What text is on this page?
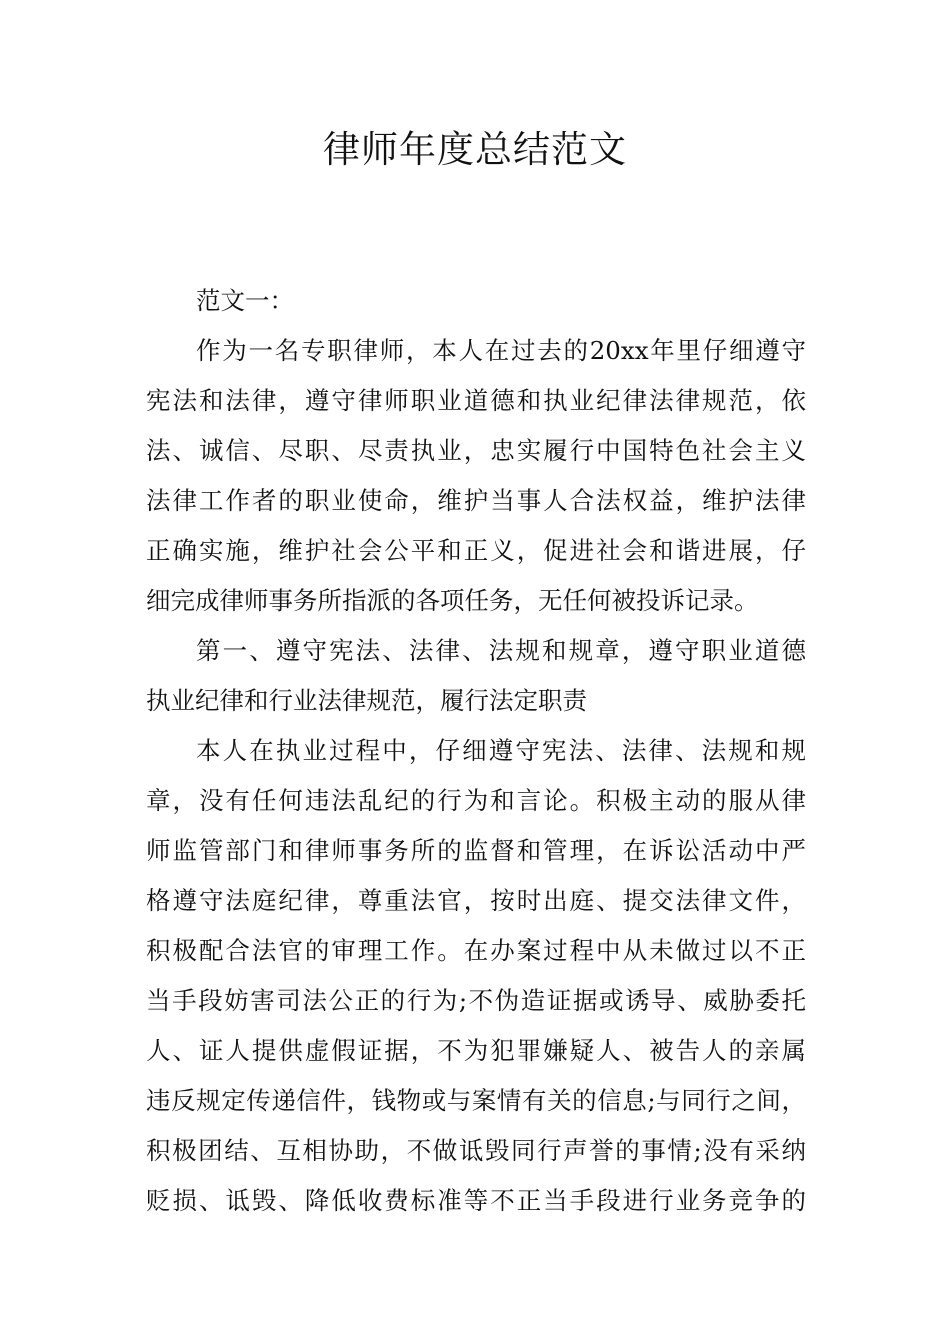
律师年度总结范文
范文一：
作为一名专职律师，本人在过去的20xx年里仔细遵守
宪法和法律，遵守律师职业道德和执业纪律法律规范，依
法、诚信、尽职、尽责执业，忠实履行中国特色社会主义
法律工作者的职业使命，维护当事人合法权益，维护法律
正确实施，维护社会公平和正义，促进社会和谐进展，仔
细完成律师事务所指派的各项任务，无任何被投诉记录。
第一、遵守宪法、法律、法规和规章，遵守职业道德
执业纪律和行业法律规范，履行法定职责
本人在执业过程中，仔细遵守宪法、法律、法规和规
章，没有任何违法乱纪的行为和言论。积极主动的服从律
师监管部门和律师事务所的监督和管理，在诉讼活动中严
格遵守法庭纪律，尊重法官，按时出庭、提交法律文件，
积极配合法官的审理工作。在办案过程中从未做过以不正
当手段妨害司法公正的行为;不伪造证据或诱导、威胁委托
人、证人提供虚假证据，不为犯罪嫌疑人、被告人的亲属
违反规定传递信件，钱物或与案情有关的信息;与同行之间，
积极团结、互相协助，不做诋毁同行声誉的事情;没有采纳
贬损、诋毁、降低收费标准等不正当手段进行业务竞争的
